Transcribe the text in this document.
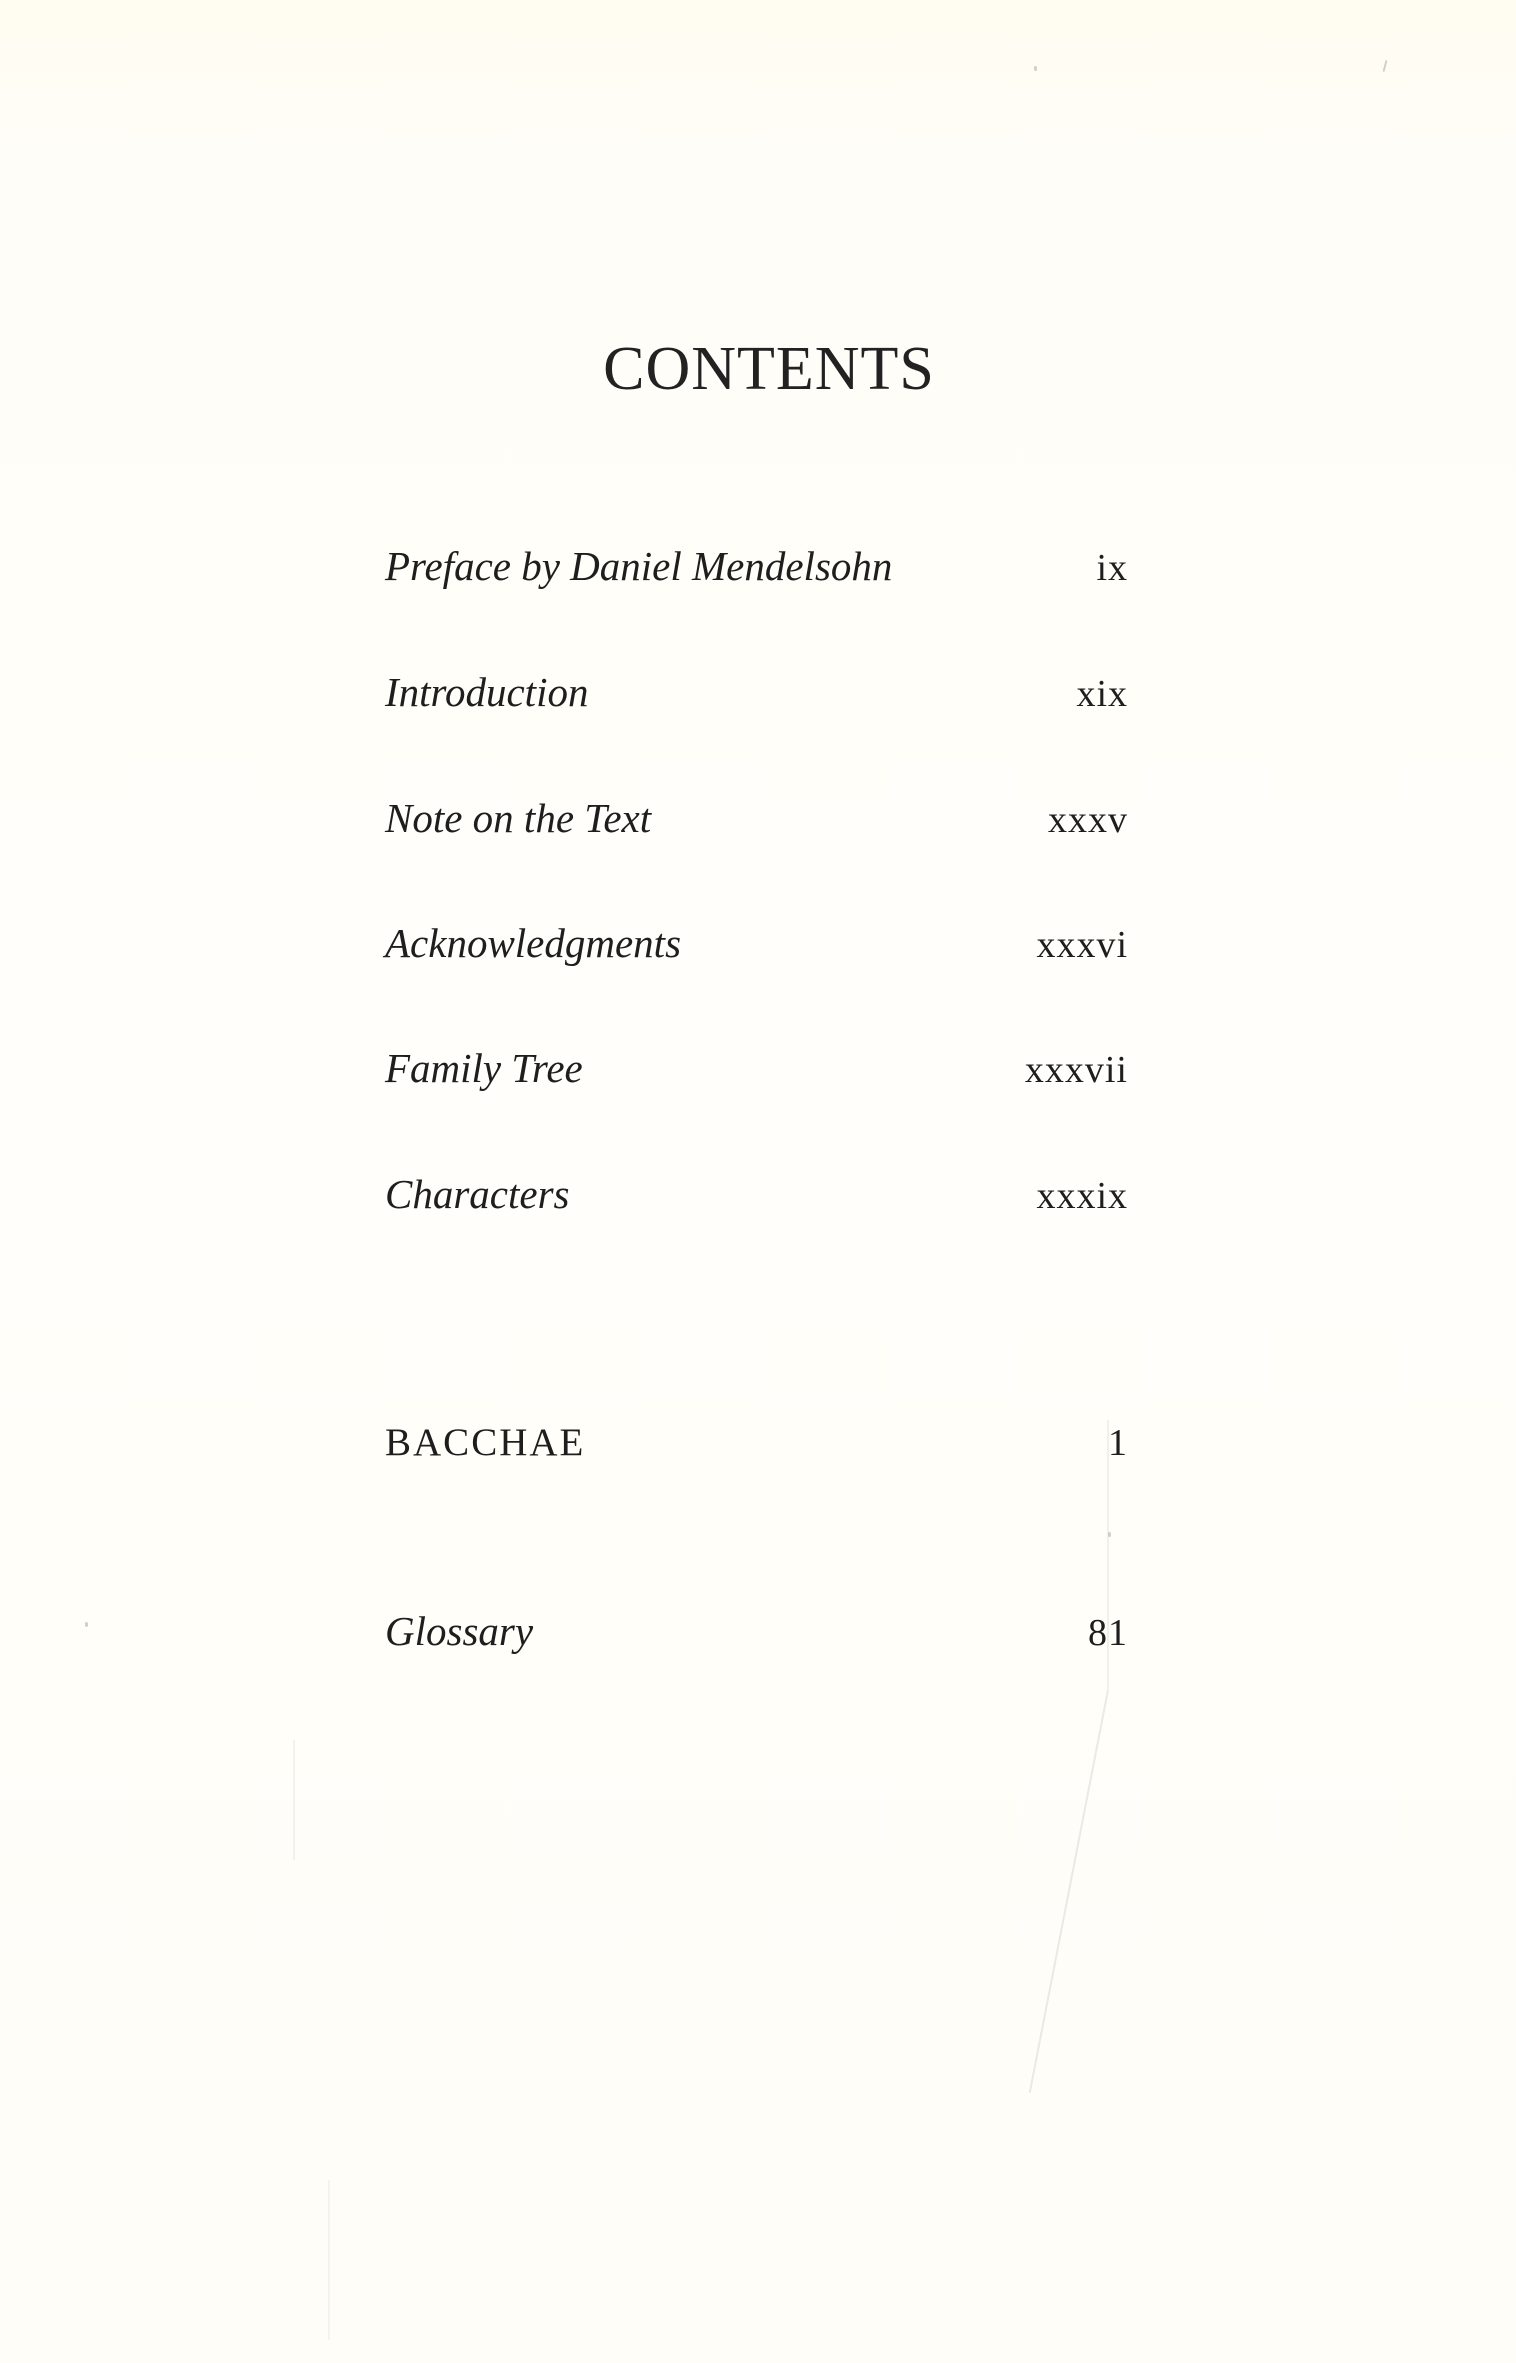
CONTENTS
Preface by Daniel Mendelsohn	ix
Introduction	xix
Note on the Text	xxxv
Acknowledgments	xxxvi
Family Tree	xxxvii
Characters	xxxix
BACCHAE	1
Glossary	81
